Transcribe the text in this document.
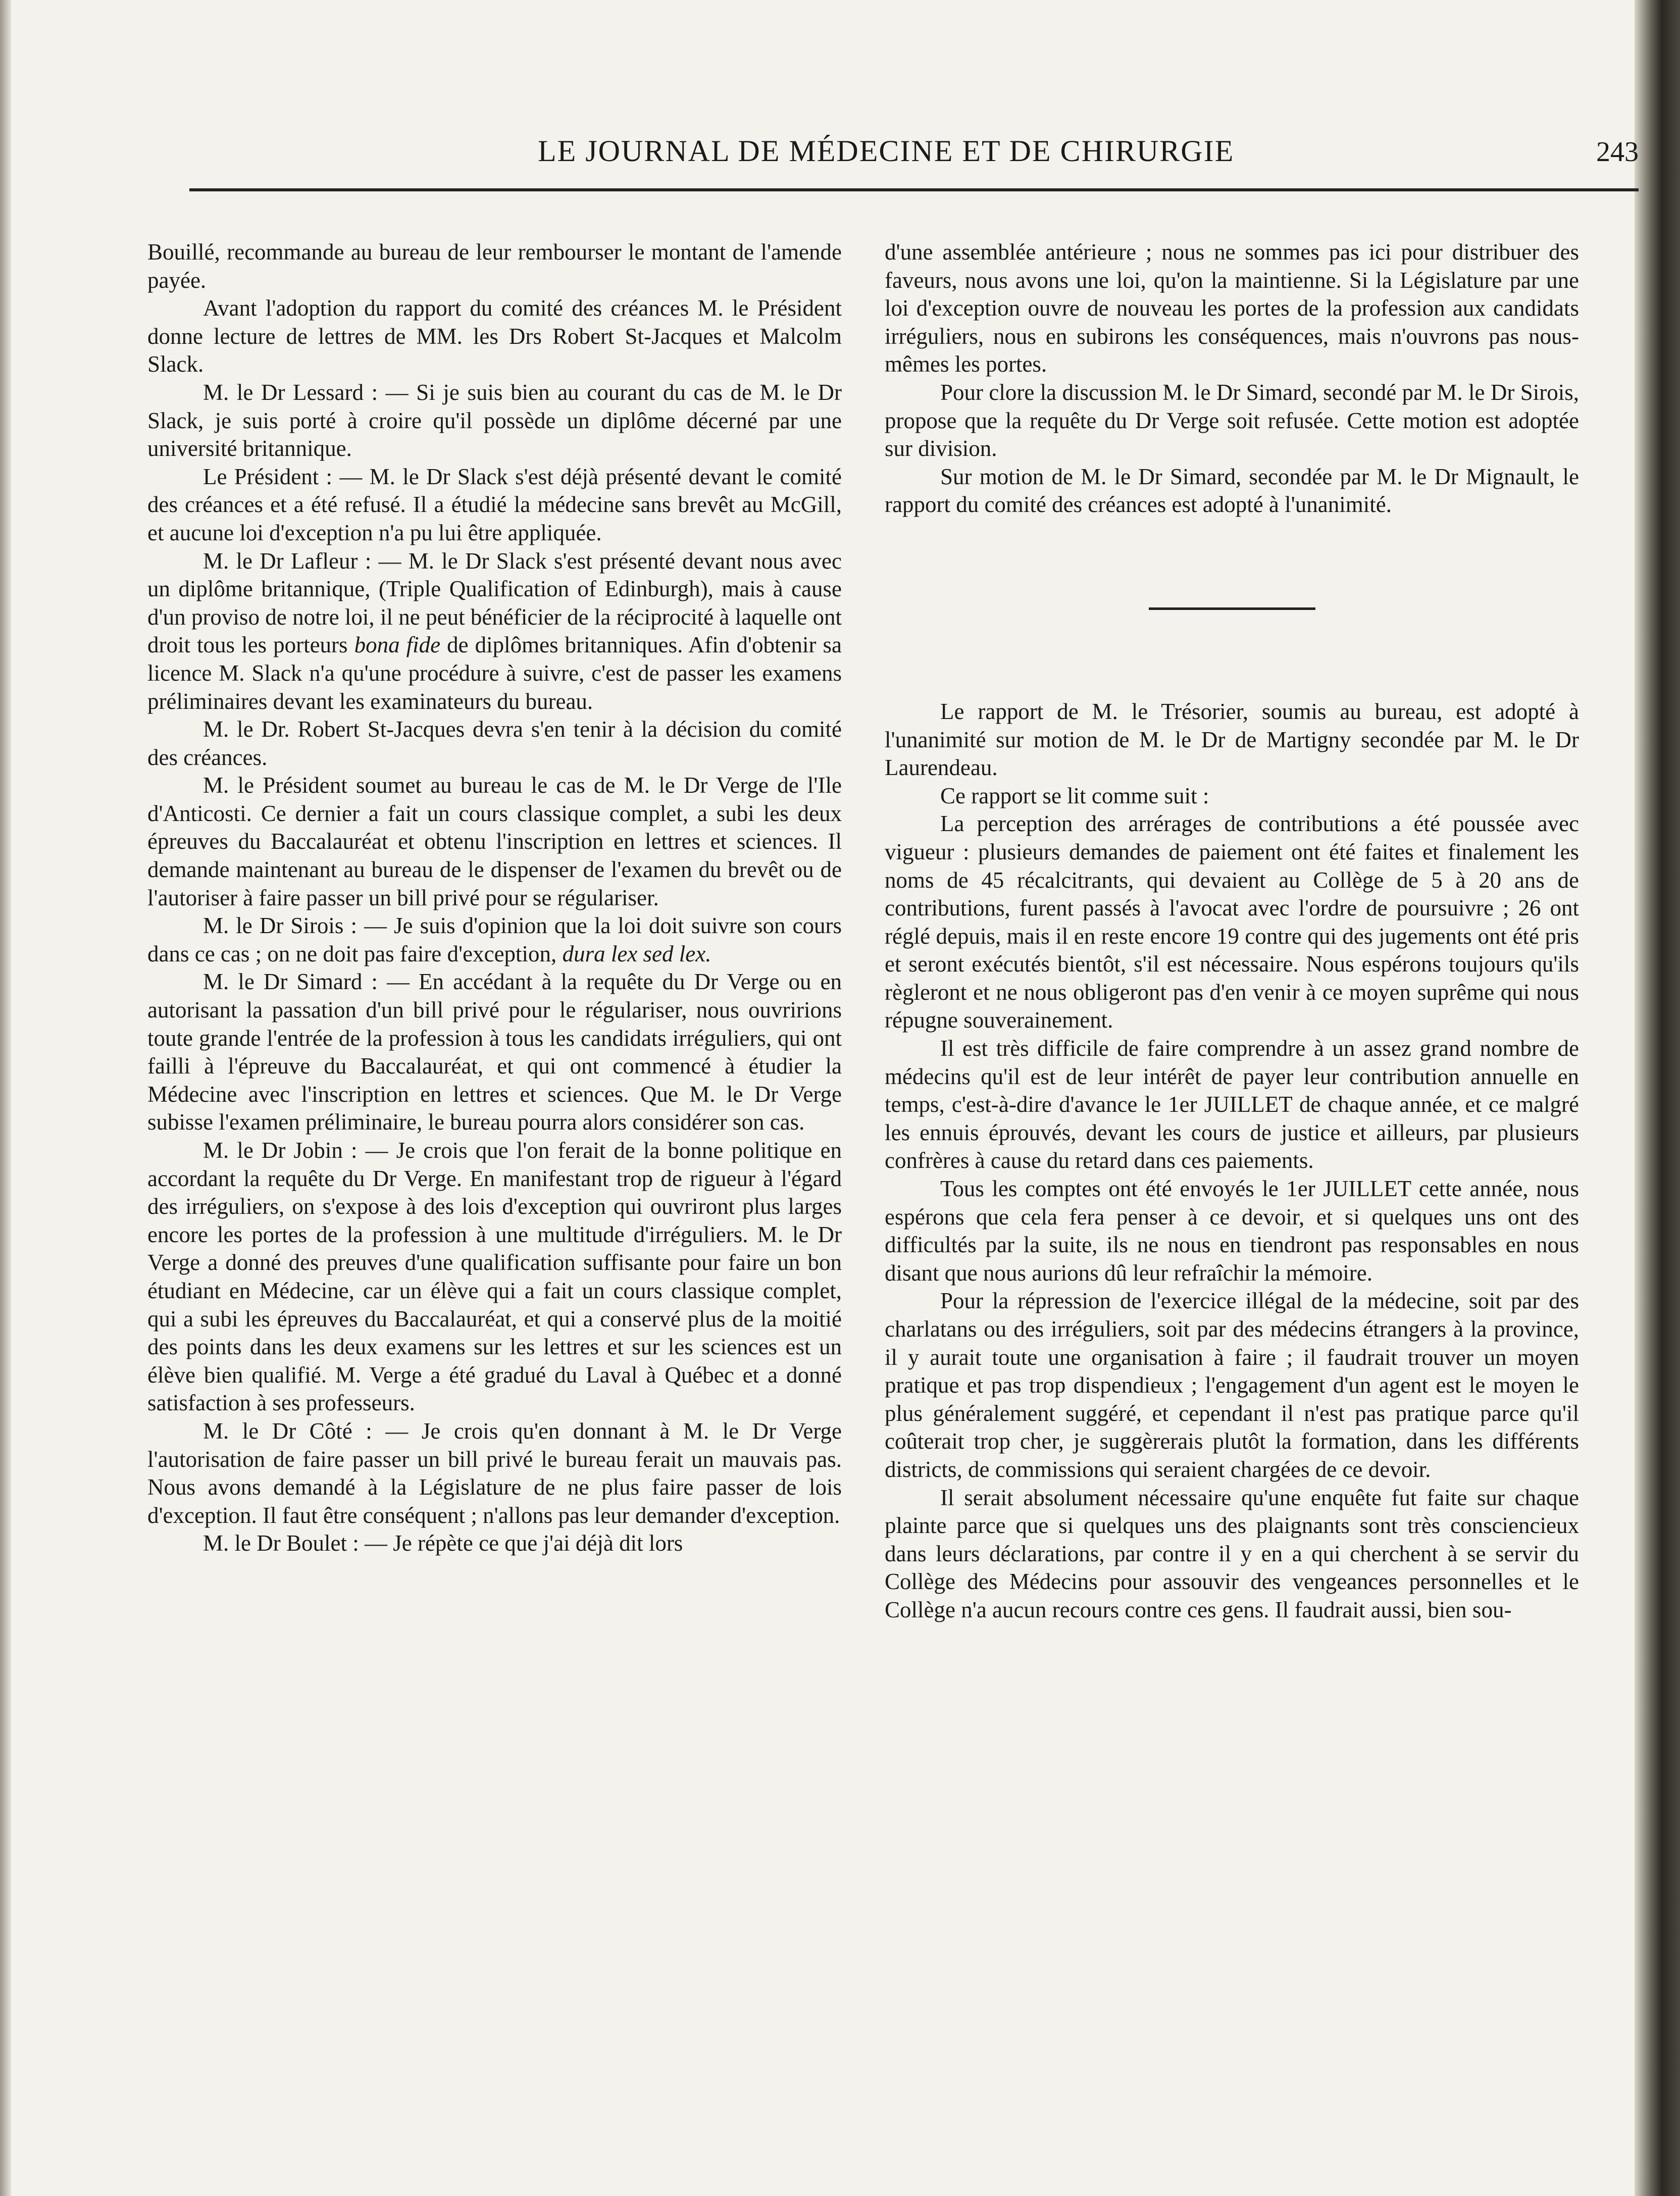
LE JOURNAL DE MÉDECINE ET DE CHIRURGIE	243

Bouillé, recommande au bureau de leur rembourser le montant de l'amende payée.

Avant l'adoption du rapport du comité des créances M. le Président donne lecture de lettres de MM. les Drs Robert St-Jacques et Malcolm Slack.

M. le Dr Lessard : — Si je suis bien au courant du cas de M. le Dr Slack, je suis porté à croire qu'il possède un diplôme décerné par une université britannique.

Le Président : — M. le Dr Slack s'est déjà présenté devant le comité des créances et a été refusé. Il a étudié la médecine sans brevêt au McGill, et aucune loi d'exception n'a pu lui être appliquée.

M. le Dr Lafleur : — M. le Dr Slack s'est présenté devant nous avec un diplôme britannique, (Triple Qualification of Edinburgh), mais à cause d'un proviso de notre loi, il ne peut bénéficier de la réciprocité à laquelle ont droit tous les porteurs bona fide de diplômes britanniques. Afin d'obtenir sa licence M. Slack n'a qu'une procédure à suivre, c'est de passer les examens préliminaires devant les examinateurs du bureau.

M. le Dr. Robert St-Jacques devra s'en tenir à la décision du comité des créances.

M. le Président soumet au bureau le cas de M. le Dr Verge de l'Ile d'Anticosti. Ce dernier a fait un cours classique complet, a subi les deux épreuves du Baccalauréat et obtenu l'inscription en lettres et sciences. Il demande maintenant au bureau de le dispenser de l'examen du brevêt ou de l'autoriser à faire passer un bill privé pour se régulariser.

M. le Dr Sirois : — Je suis d'opinion que la loi doit suivre son cours dans ce cas ; on ne doit pas faire d'exception, dura lex sed lex.

M. le Dr Simard : — En accédant à la requête du Dr Verge ou en autorisant la passation d'un bill privé pour le régulariser, nous ouvririons toute grande l'entrée de la profession à tous les candidats irréguliers, qui ont failli à l'épreuve du Baccalauréat, et qui ont commencé à étudier la Médecine avec l'inscription en lettres et sciences. Que M. le Dr Verge subisse l'examen préliminaire, le bureau pourra alors considérer son cas.

M. le Dr Jobin : — Je crois que l'on ferait de la bonne politique en accordant la requête du Dr Verge. En manifestant trop de rigueur à l'égard des irréguliers, on s'expose à des lois d'exception qui ouvriront plus larges encore les portes de la profession à une multitude d'irréguliers. M. le Dr Verge a donné des preuves d'une qualification suffisante pour faire un bon étudiant en Médecine, car un élève qui a fait un cours classique complet, qui a subi les épreuves du Baccalauréat, et qui a conservé plus de la moitié des points dans les deux examens sur les lettres et sur les sciences est un élève bien qualifié. M. Verge a été gradué du Laval à Québec et a donné satisfaction à ses professeurs.

M. le Dr Côté : — Je crois qu'en donnant à M. le Dr Verge l'autorisation de faire passer un bill privé le bureau ferait un mauvais pas. Nous avons demandé à la Législature de ne plus faire passer de lois d'exception. Il faut être conséquent ; n'allons pas leur demander d'exception.

M. le Dr Boulet : — Je répète ce que j'ai déjà dit lors

d'une assemblée antérieure ; nous ne sommes pas ici pour distribuer des faveurs, nous avons une loi, qu'on la maintienne. Si la Législature par une loi d'exception ouvre de nouveau les portes de la profession aux candidats irréguliers, nous en subirons les conséquences, mais n'ouvrons pas nous-mêmes les portes.

Pour clore la discussion M. le Dr Simard, secondé par M. le Dr Sirois, propose que la requête du Dr Verge soit refusée. Cette motion est adoptée sur division.

Sur motion de M. le Dr Simard, secondée par M. le Dr Mignault, le rapport du comité des créances est adopté à l'unanimité.

Le rapport de M. le Trésorier, soumis au bureau, est adopté à l'unanimité sur motion de M. le Dr de Martigny secondée par M. le Dr Laurendeau.

Ce rapport se lit comme suit :

La perception des arrérages de contributions a été poussée avec vigueur : plusieurs demandes de paiement ont été faites et finalement les noms de 45 récalcitrants, qui devaient au Collège de 5 à 20 ans de contributions, furent passés à l'avocat avec l'ordre de poursuivre ; 26 ont réglé depuis, mais il en reste encore 19 contre qui des jugements ont été pris et seront exécutés bientôt, s'il est nécessaire. Nous espérons toujours qu'ils règleront et ne nous obligeront pas d'en venir à ce moyen suprême qui nous répugne souverainement.

Il est très difficile de faire comprendre à un assez grand nombre de médecins qu'il est de leur intérêt de payer leur contribution annuelle en temps, c'est-à-dire d'avance le 1er JUILLET de chaque année, et ce malgré les ennuis éprouvés, devant les cours de justice et ailleurs, par plusieurs confrères à cause du retard dans ces paiements.

Tous les comptes ont été envoyés le 1er JUILLET cette année, nous espérons que cela fera penser à ce devoir, et si quelques uns ont des difficultés par la suite, ils ne nous en tiendront pas responsables en nous disant que nous aurions dû leur refraîchir la mémoire.

Pour la répression de l'exercice illégal de la médecine, soit par des charlatans ou des irréguliers, soit par des médecins étrangers à la province, il y aurait toute une organisation à faire ; il faudrait trouver un moyen pratique et pas trop dispendieux ; l'engagement d'un agent est le moyen le plus généralement suggéré, et cependant il n'est pas pratique parce qu'il coûterait trop cher, je suggèrerais plutôt la formation, dans les différents districts, de commissions qui seraient chargées de ce devoir.

Il serait absolument nécessaire qu'une enquête fut faite sur chaque plainte parce que si quelques uns des plaignants sont très consciencieux dans leurs déclarations, par contre il y en a qui cherchent à se servir du Collège des Médecins pour assouvir des vengeances personnelles et le Collège n'a aucun recours contre ces gens. Il faudrait aussi, bien sou-
